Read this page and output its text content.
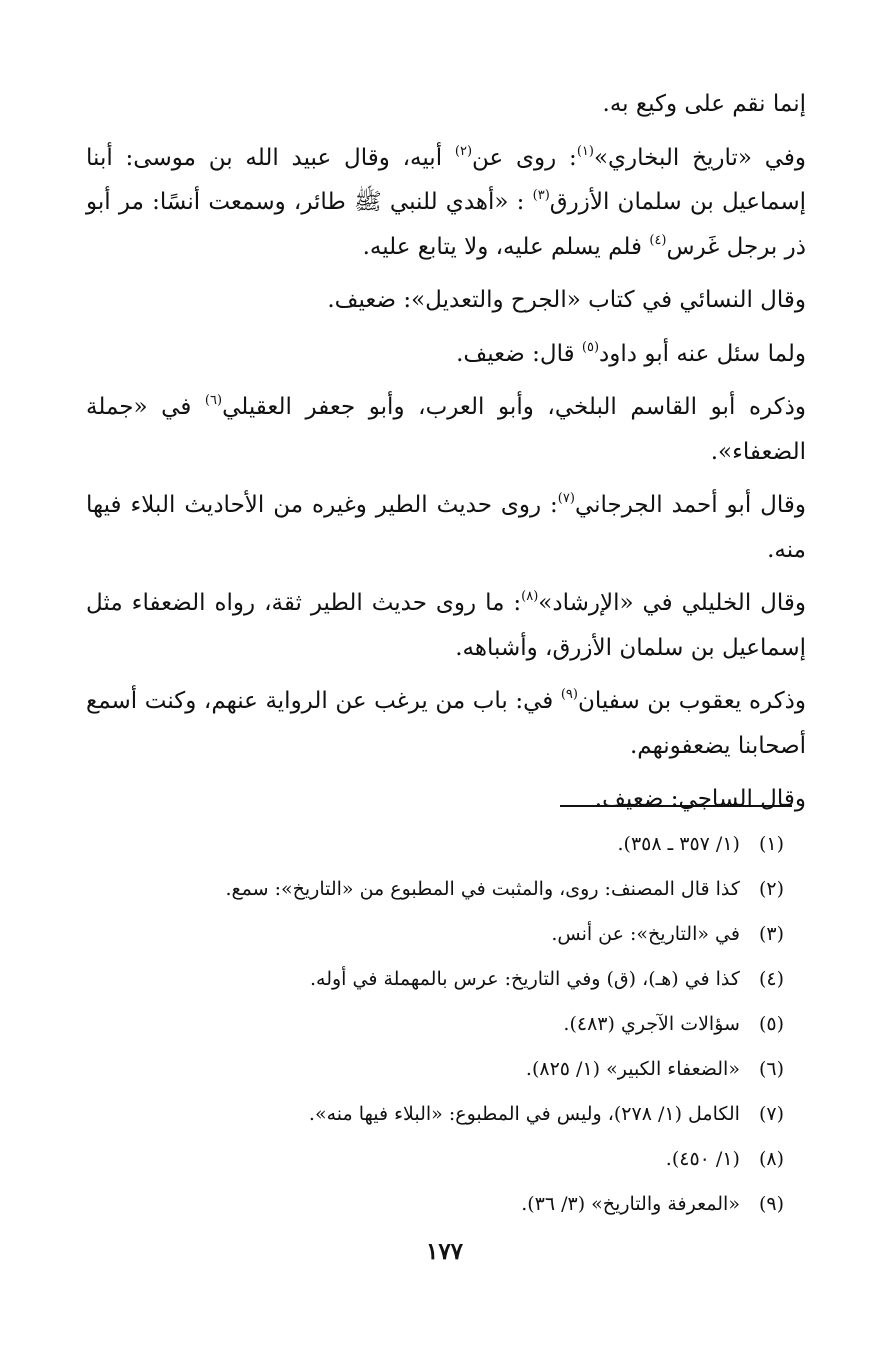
إنما نقم على وكيع به.

وفي «تاريخ البخاري»$^{(١)}$: روى عن$^{(٢)}$ أبيه، وقال عبيد الله بن موسى: أبنا إسماعيل بن سلمان الأزرق$^{(٣)}$ : «أهدي للنبي ﷺ طائر، وسمعت أنسًا: مر أبو ذر برجل غَرس$^{(٤)}$ فلم يسلم عليه، ولا يتابع عليه.

وقال النسائي في كتاب «الجرح والتعديل»: ضعيف.

ولما سئل عنه أبو داود$^{(٥)}$ قال: ضعيف.

وذكره أبو القاسم البلخي، وأبو العرب، وأبو جعفر العقيلي$^{(٦)}$ في «جملة الضعفاء».

وقال أبو أحمد الجرجاني$^{(٧)}$: روى حديث الطير وغيره من الأحاديث البلاء فيها منه.

وقال الخليلي في «الإرشاد»$^{(٨)}$: ما روى حديث الطير ثقة، رواه الضعفاء مثل إسماعيل بن سلمان الأزرق، وأشباهه.

وذكره يعقوب بن سفيان$^{(٩)}$ في: باب من يرغب عن الرواية عنهم، وكنت أسمع أصحابنا يضعفونهم.

وقال الساجي: ضعيف.

(١) (١/ ٣٥٧ ـ ٣٥٨).
(٢) كذا قال المصنف: روى، والمثبت في المطبوع من «التاريخ»: سمع.
(٣) في «التاريخ»: عن أنس.
(٤) كذا في (هـ)، (ق) وفي التاريخ: عرس بالمهملة في أوله.
(٥) سؤالات الآجري (٤٨٣).
(٦) «الضعفاء الكبير» (١/ ٨٢٥).
(٧) الكامل (١/ ٢٧٨)، وليس في المطبوع: «البلاء فيها منه».
(٨) (١/ ٤٥٠).
(٩) «المعرفة والتاريخ» (٣/ ٣٦).
١٧٧
